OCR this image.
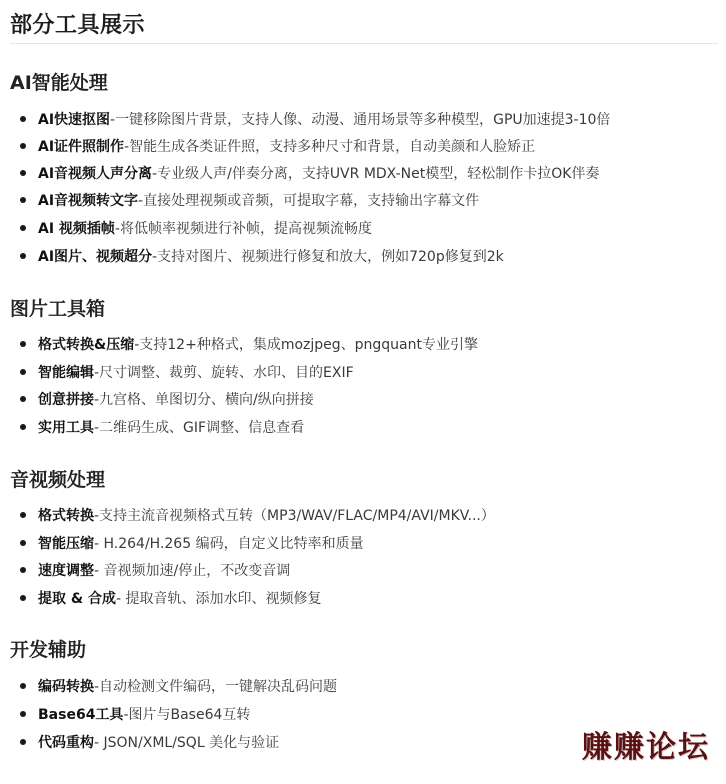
部分工具展示
AI智能处理
AI快速抠图 -一键移除图片背景，支持人像、动漫、通用场景等多种模型，GPU加速提3-10倍
AI证件照制作 -智能生成各类证件照，支持多种尺寸和背景，自动美颜和人脸矫正
AI音视频人声分离 -专业级人声/伴奏分离，支持UVR MDX-Net模型，轻松制作卡拉OK伴奏
AI音视频转文字 -直接处理视频或音频，可提取字幕，支持输出字幕文件
AI 视频插帧 -将低帧率视频进行补帧，提高视频流畅度
AI图片、视频超分 -支持对图片、视频进行修复和放大，例如720p修复到2k
图片工具箱
格式转换&压缩 -支持12+种格式，集成mozjpeg、pngquant专业引擎
智能编辑 -尺寸调整、裁剪、旋转、水印、目的EXIF
创意拼接 -九宫格、单图切分、横向/纵向拼接
实用工具 -二维码生成、GIF调整、信息查看
音视频处理
格式转换 -支持主流音视频格式互转（MP3/WAV/FLAC/MP4/AVI/MKV...）
智能压缩 - H.264/H.265 编码，自定义比特率和质量
速度调整 - 音视频加速/停止，不改变音调
提取 & 合成 - 提取音轨、添加水印、视频修复
开发辅助
编码转换 -自动检测文件编码，一键解决乱码问题
Base64工具 -图片与Base64互转
代码重构 - JSON/XML/SQL 美化与验证	赚赚论坛
